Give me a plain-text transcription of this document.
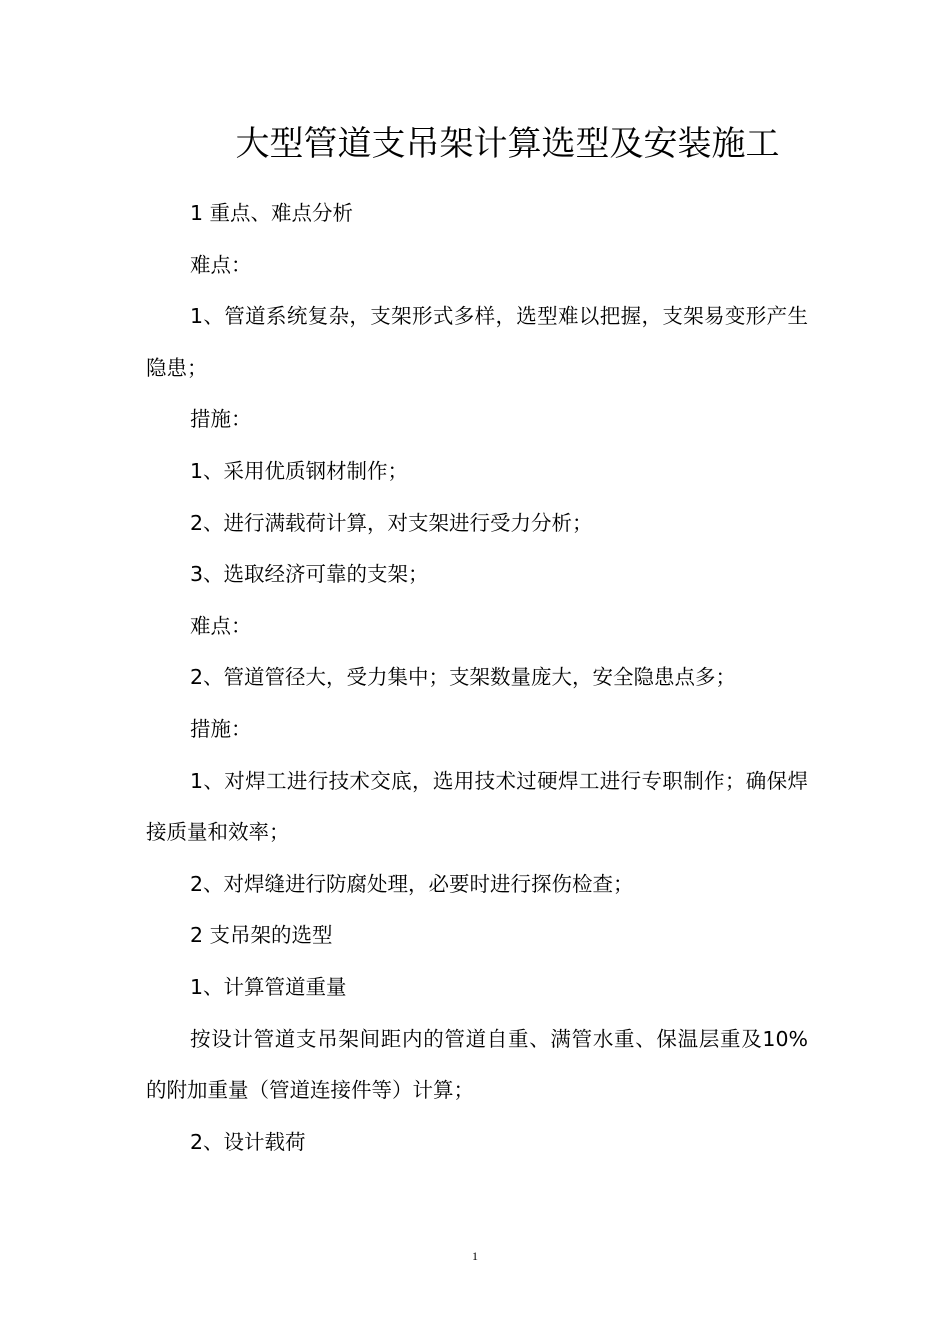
大型管道支吊架计算选型及安装施工

1 重点、难点分析

难点：

1、管道系统复杂，支架形式多样，选型难以把握，支架易变形产生隐患；

措施：

1、采用优质钢材制作；

2、进行满载荷计算，对支架进行受力分析；

3、选取经济可靠的支架；

难点：

2、管道管径大，受力集中；支架数量庞大，安全隐患点多；

措施：

1、对焊工进行技术交底，选用技术过硬焊工进行专职制作；确保焊接质量和效率；

2、对焊缝进行防腐处理，必要时进行探伤检查；

2 支吊架的选型

1、计算管道重量

按设计管道支吊架间距内的管道自重、满管水重、保温层重及10%的附加重量（管道连接件等）计算；

2、设计载荷

1
